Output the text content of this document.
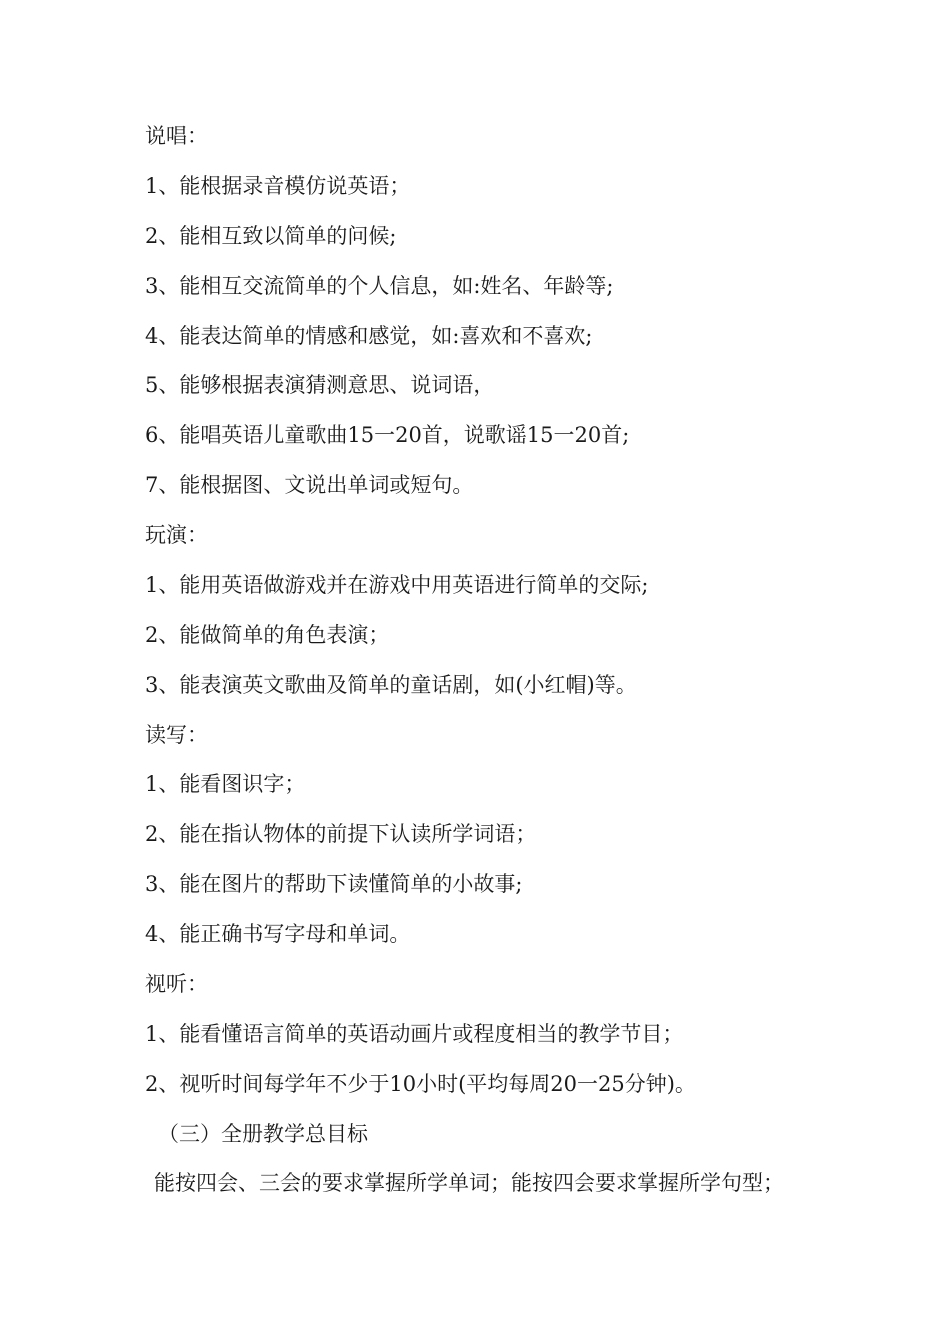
说唱：
1、能根据录音模仿说英语；
2、能相互致以简单的问候;
3、能相互交流简单的个人信息，如:姓名、年龄等;
4、能表达简单的情感和感觉，如:喜欢和不喜欢;
5、能够根据表演猜测意思、说词语，
6、能唱英语儿童歌曲15一20首，说歌谣15一20首;
7、能根据图、文说出单词或短句。
玩演：
1、能用英语做游戏并在游戏中用英语进行简单的交际;
2、能做简单的角色表演；
3、能表演英文歌曲及简单的童话剧，如(小红帽)等。
读写：
1、能看图识字；
2、能在指认物体的前提下认读所学词语；
3、能在图片的帮助下读懂简单的小故事;
4、能正确书写字母和单词。
视听：
1、能看懂语言简单的英语动画片或程度相当的教学节目；
2、视听时间每学年不少于10小时(平均每周20一25分钟)。
（三）全册教学总目标
能按四会、三会的要求掌握所学单词；能按四会要求掌握所学句型；
